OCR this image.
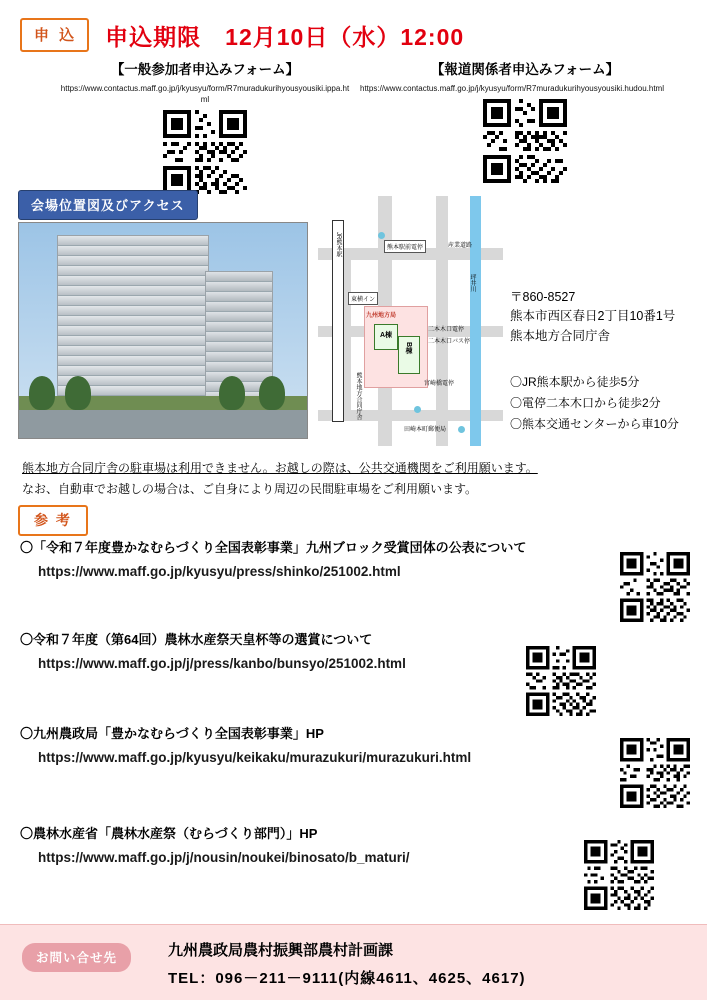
申 込	申込期限　12月10日（水）12:00
【一般参加者申込みフォーム】
https://www.contactus.maff.go.jp/j/kyusyu/form/R7muradukurihyousyousiki.ippa.html
【報道関係者申込みフォーム】
https://www.contactus.maff.go.jp/j/kyusyu/form/R7muradukurihyousyousiki.hudou.html
会場位置図及びアクセス
JR熊本駅	熊本駅前電停	産業道路
坪井川
東横イン
九州地方局
A棟
B棟
二本木口電停
二本木口バス停
宮崎橋電停
熊本地方合同庁舎
田崎本町郵便局
〒860-8527
熊本市西区春日2丁目10番1号
熊本地方合同庁舎
〇JR熊本駅から徒歩5分
〇電停二本木口から徒歩2分
〇熊本交通センターから車10分
熊本地方合同庁舎の駐車場は利用できません。お越しの際は、公共交通機関をご利用願います。
なお、自動車でお越しの場合は、ご自身により周辺の民間駐車場をご利用願います。
参 考
〇「令和７年度豊かなむらづくり全国表彰事業」九州ブロック受賞団体の公表について
https://www.maff.go.jp/kyusyu/press/shinko/251002.html
〇令和７年度（第64回）農林水産祭天皇杯等の選賞について
https://www.maff.go.jp/j/press/kanbo/bunsyo/251002.html
〇九州農政局「豊かなむらづくり全国表彰事業」HP
https://www.maff.go.jp/kyusyu/keikaku/murazukuri/murazukuri.html
〇農林水産省「農林水産祭（むらづくり部門）」HP
https://www.maff.go.jp/j/nousin/noukei/binosato/b_maturi/
お問い合せ先	九州農政局農村振興部農村計画課
TEL：096－211－9111(内線4611、4625、4617)
